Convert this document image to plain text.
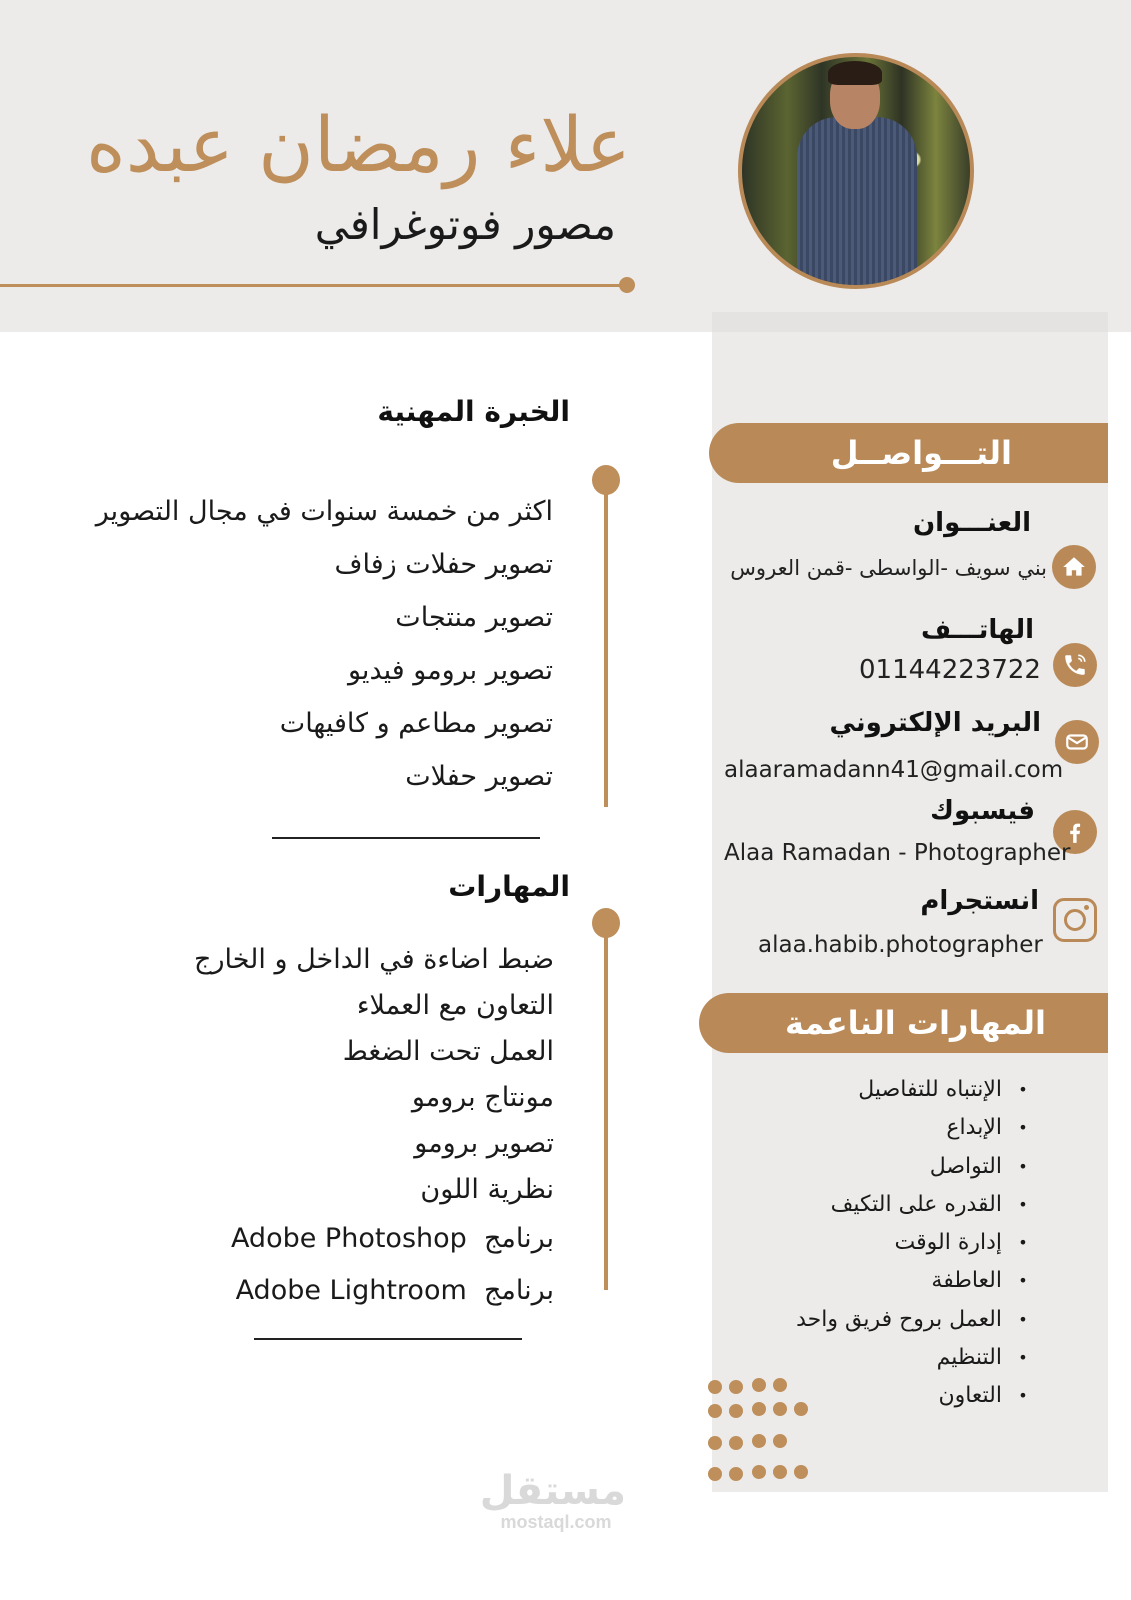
علاء رمضان عبده
مصور فوتوغرافي
الخبرة المهنية
اكثر من خمسة سنوات في مجال التصوير
تصوير حفلات زفاف
تصوير منتجات
تصوير برومو فيديو
تصوير مطاعم و كافيهات
تصوير حفلات
المهارات
ضبط اضاءة في الداخل و الخارج
التعاون مع العملاء
العمل تحت الضغط
مونتاج برومو
تصوير برومو
نظرية اللون
برنامج  Adobe Photoshop
برنامج  Adobe Lightroom
التـــواصــل
العنـــوان
بني سويف -الواسطى -قمن العروس
الهاتـــف
01144223722
البريد الإلكتروني
alaaramadann41@gmail.com
فيسبوك
Alaa Ramadan - Photographer
انستجرام
alaa.habib.photographer
المهارات الناعمة
• الإنتباه للتفاصيل
• الإبداع
• التواصل
• القدره على التكيف
• إدارة الوقت
• العاطفة
• العمل بروح فريق واحد
• التنظيم
• التعاون
مستقل
mostaql.com
